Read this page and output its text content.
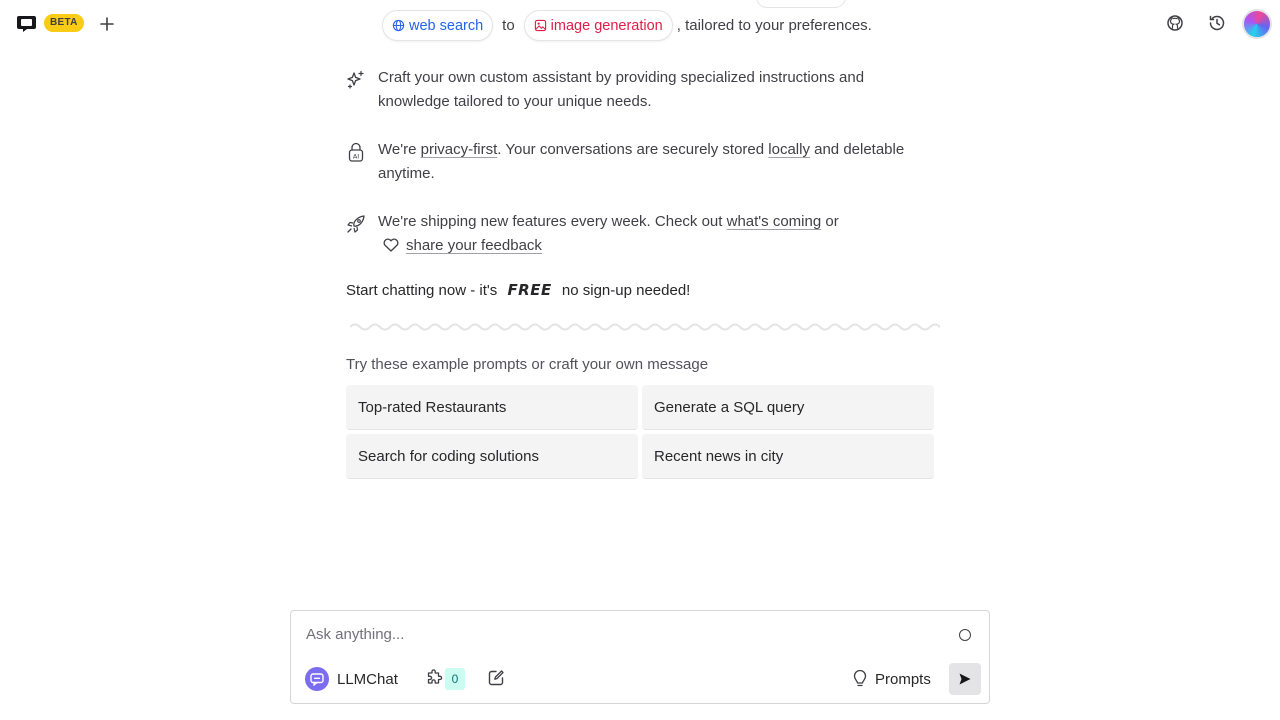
BETA	web search to image generation , tailored to your preferences.
Craft your own custom assistant by providing specialized instructions and knowledge tailored to your unique needs.
AI We're privacy-first. Your conversations are securely stored locally and deletable anytime.
We're shipping new features every week. Check out what's coming or
share your feedback
Start chatting now - it's FREE no sign-up needed!
Try these example prompts or craft your own message
Top-rated Restaurants	Generate a SQL query
Search for coding solutions	Recent news in city
Ask anything...
LLMChat	0	Prompts
